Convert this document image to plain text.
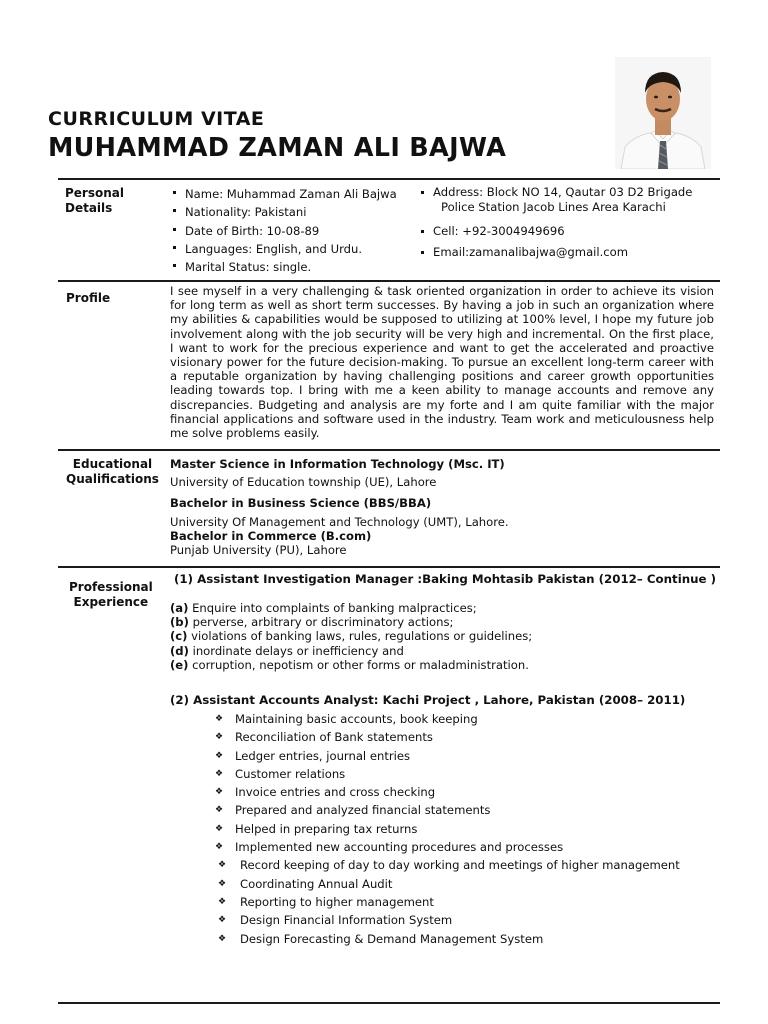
CURRICULUM VITAE
MUHAMMAD ZAMAN ALI BAJWA
Personal
Details
Name: Muhammad Zaman Ali Bajwa
Nationality: Pakistani
Date of Birth: 10-08-89
Languages: English, and Urdu.
Marital Status: single.
Address: Block NO 14, Qautar 03 D2 Brigade
Police Station Jacob Lines Area Karachi
Cell: +92-3004949696
Email:zamanalibajwa@gmail.com
Profile	I see myself in a very challenging & task oriented organization in order to achieve its vision for long term as well as short term successes. By having a job in such an organization where my abilities & capabilities would be supposed to utilizing at 100% level, I hope my future job involvement along with the job security will be very high and incremental. On the first place, I want to work for the precious experience and want to get the accelerated and proactive visionary power for the future decision-making. To pursue an excellent long-term career with a reputable organization by having challenging positions and career growth opportunities leading towards top. I bring with me a keen ability to manage accounts and remove any discrepancies. Budgeting and analysis are my forte and I am quite familiar with the major financial applications and software used in the industry. Team work and meticulousness help me solve problems easily.

Educational
Qualifications
Master Science in Information Technology (Msc. IT)
University of Education township (UE), Lahore
Bachelor in Business Science (BBS/BBA)
University Of Management and Technology (UMT), Lahore.
Bachelor in Commerce (B.com)
Punjab University (PU), Lahore
Professional
Experience
(1) Assistant Investigation Manager :Baking Mohtasib Pakistan (2012– Continue )
(a) Enquire into complaints of banking malpractices;
(b) perverse, arbitrary or discriminatory actions;
(c) violations of banking laws, rules, regulations or guidelines;
(d) inordinate delays or inefficiency and
(e) corruption, nepotism or other forms or maladministration.
(2) Assistant Accounts Analyst: Kachi Project , Lahore, Pakistan (2008– 2011)
❖ Maintaining basic accounts, book keeping
❖ Reconciliation of Bank statements
❖ Ledger entries, journal entries
❖ Customer relations
❖ Invoice entries and cross checking
❖ Prepared and analyzed financial statements
❖ Helped in preparing tax returns
❖ Implemented new accounting procedures and processes
❖ Record keeping of day to day working and meetings of higher management
❖ Coordinating Annual Audit
❖ Reporting to higher management
❖ Design Financial Information System
❖ Design Forecasting & Demand Management System
